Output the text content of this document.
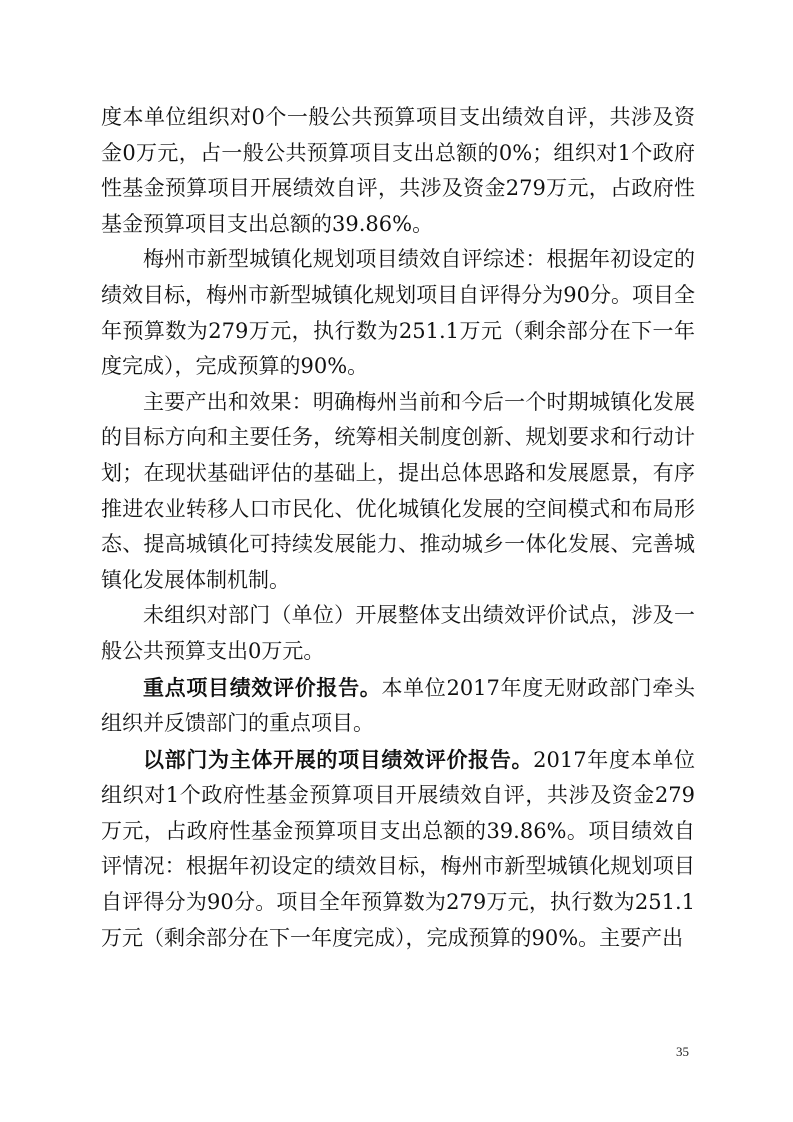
度本单位组织对0个一般公共预算项目支出绩效自评，共涉及资金0万元，占一般公共预算项目支出总额的0%；组织对1个政府性基金预算项目开展绩效自评，共涉及资金279万元，占政府性基金预算项目支出总额的39.86%。

梅州市新型城镇化规划项目绩效自评综述：根据年初设定的绩效目标，梅州市新型城镇化规划项目自评得分为90分。项目全年预算数为279万元，执行数为251.1万元（剩余部分在下一年度完成），完成预算的90%。

主要产出和效果：明确梅州当前和今后一个时期城镇化发展的目标方向和主要任务，统筹相关制度创新、规划要求和行动计划；在现状基础评估的基础上，提出总体思路和发展愿景，有序推进农业转移人口市民化、优化城镇化发展的空间模式和布局形态、提高城镇化可持续发展能力、推动城乡一体化发展、完善城镇化发展体制机制。

未组织对部门（单位）开展整体支出绩效评价试点，涉及一般公共预算支出0万元。

重点项目绩效评价报告。本单位2017年度无财政部门牵头组织并反馈部门的重点项目。

以部门为主体开展的项目绩效评价报告。2017年度本单位组织对1个政府性基金预算项目开展绩效自评，共涉及资金279万元，占政府性基金预算项目支出总额的39.86%。项目绩效自评情况：根据年初设定的绩效目标，梅州市新型城镇化规划项目自评得分为90分。项目全年预算数为279万元，执行数为251.1万元（剩余部分在下一年度完成），完成预算的90%。主要产出

35
